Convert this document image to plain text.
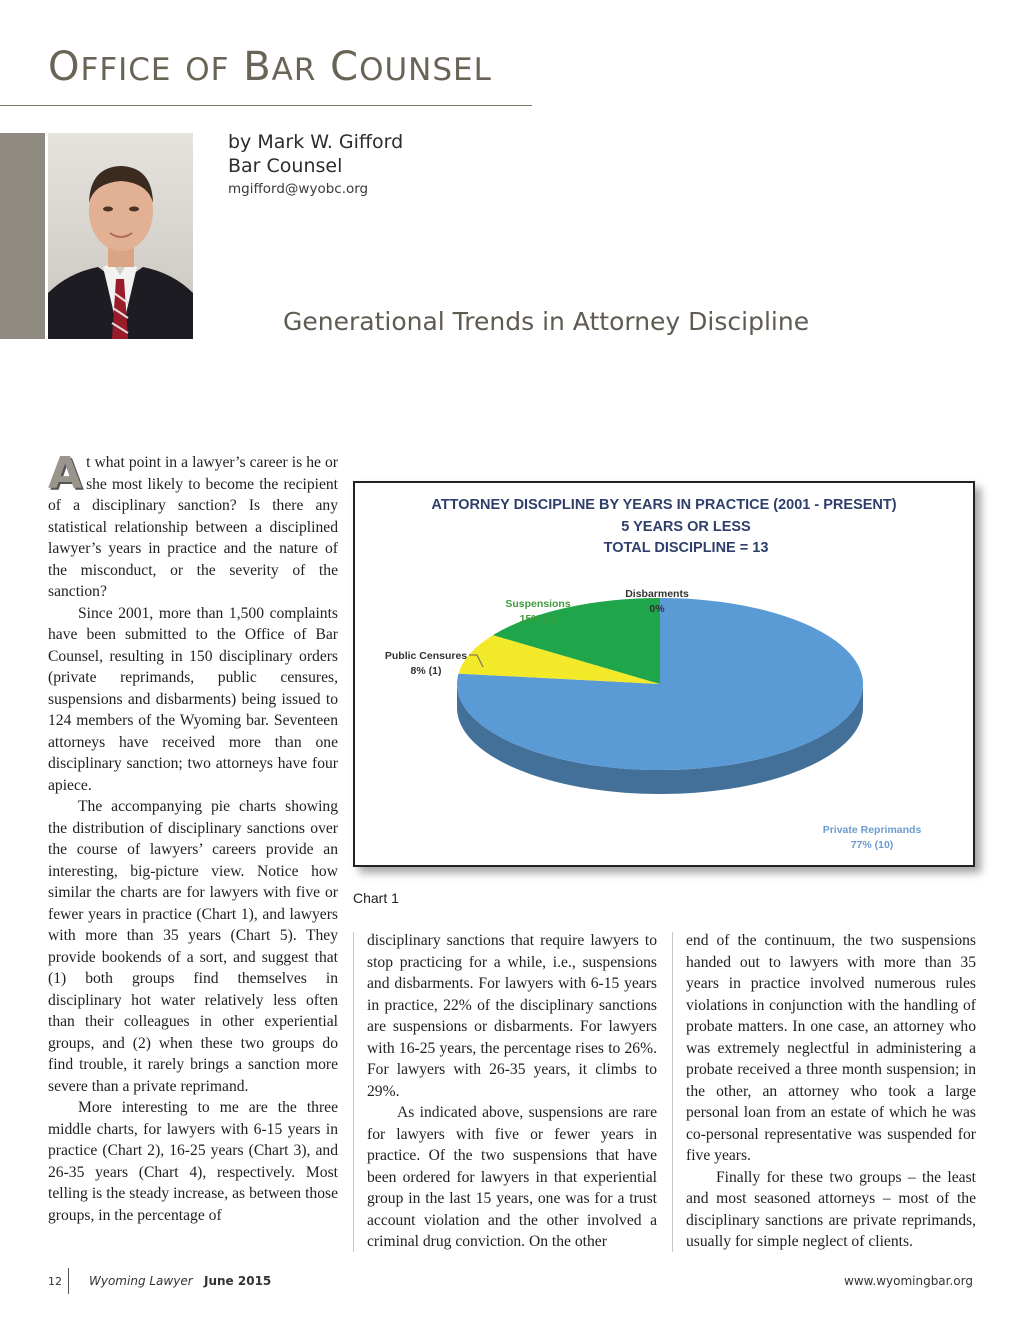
OFFICE OF BAR COUNSEL
by Mark W. Gifford
Bar Counsel
mgifford@wyobc.org
Generational Trends in Attorney Discipline

At what point in a lawyer’s career is he or she most likely to become the recipient of a disciplinary sanction? Is there any statistical relationship between a disciplined lawyer’s years in practice and the nature of the misconduct, or the severity of the sanction?

Since 2001, more than 1,500 complaints have been submitted to the Office of Bar Counsel, resulting in 150 disciplinary orders (private reprimands, public censures, suspensions and disbarments) being issued to 124 members of the Wyoming bar. Seventeen attorneys have received more than one disciplinary sanction; two attorneys have four apiece.

The accompanying pie charts showing the distribution of disciplinary sanctions over the course of lawyers’ careers provide an interesting, big-picture view. Notice how similar the charts are for lawyers with five or fewer years in practice (Chart 1), and lawyers with more than 35 years (Chart 5). They provide bookends of a sort, and suggest that (1) both groups find themselves in disciplinary hot water relatively less often than their colleagues in other experiential groups, and (2) when these two groups do find trouble, it rarely brings a sanction more severe than a private reprimand.

More interesting to me are the three middle charts, for lawyers with 6-15 years in practice (Chart 2), 16-25 years (Chart 3), and 26-35 years (Chart 4), respectively. Most telling is the steady increase, as between those groups, in the percentage of

disciplinary sanctions that require lawyers to stop practicing for a while, i.e., suspensions and disbarments. For lawyers with 6-15 years in practice, 22% of the disciplinary sanctions are suspensions or disbarments. For lawyers with 16-25 years, the percentage rises to 26%. For lawyers with 26-35 years, it climbs to 29%.

As indicated above, suspensions are rare for lawyers with five or fewer years in practice. Of the two suspensions that have been ordered for lawyers in that experiential group in the last 15 years, one was for a trust account violation and the other involved a criminal drug conviction. On the other

end of the continuum, the two suspensions handed out to lawyers with more than 35 years in practice involved numerous rules violations in conjunction with the handling of probate matters. In one case, an attorney who was extremely neglectful in administering a probate received a three month suspension; in the other, an attorney who took a large personal loan from an estate of which he was co-personal representative was suspended for five years.

Finally for these two groups – the least and most seasoned attorneys – most of the disciplinary sanctions are private reprimands, usually for simple neglect of clients.

ATTORNEY DISCIPLINE BY YEARS IN PRACTICE (2001 - PRESENT)
5 YEARS OR LESS
TOTAL DISCIPLINE = 13
Suspensions
15% (2)
Disbarments
0%
Public Censures
8% (1)
Private Reprimands
77% (10)
Chart 1
12 Wyoming Lawyer June 2015	www.wyomingbar.org
